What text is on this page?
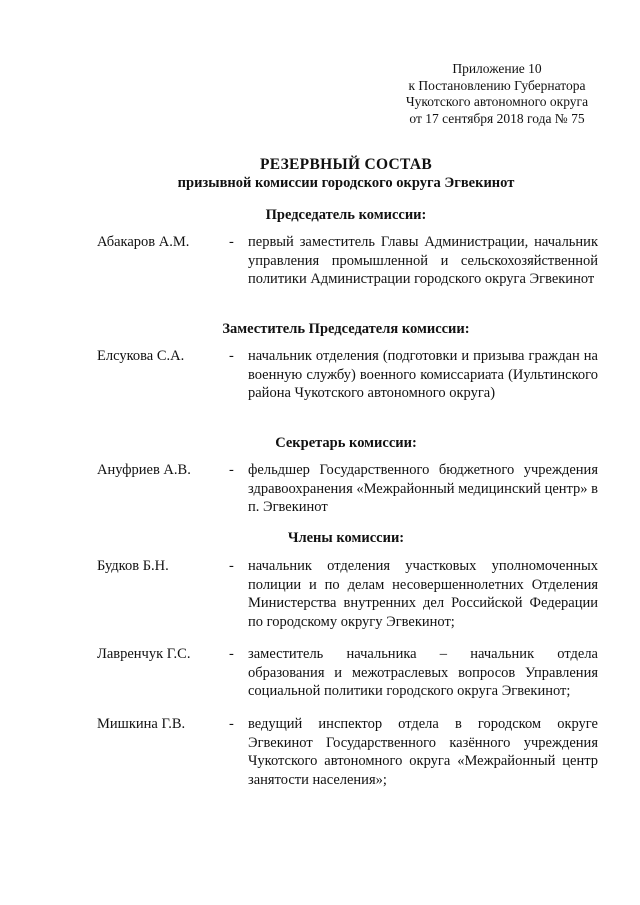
Приложение 10
к Постановлению Губернатора
Чукотского автономного округа
от 17 сентября 2018 года № 75
РЕЗЕРВНЫЙ СОСТАВ
призывной комиссии городского округа Эгвекинот
Председатель комиссии:
Абакаров А.М.	- первый заместитель Главы Администрации, начальник управления промышленной и сельскохозяйственной политики Администрации городского округа Эгвекинот
Заместитель Председателя комиссии:
Елсукова С.А.	- начальник отделения (подготовки и призыва граждан на военную службу) военного комиссариата (Иультинского района Чукотского автономного округа)
Секретарь комиссии:
Ануфриев А.В.	- фельдшер Государственного бюджетного учреждения здравоохранения «Межрайонный медицинский центр» в п. Эгвекинот
Члены комиссии:
Будков Б.Н.	- начальник отделения участковых уполномоченных полиции и по делам несовершеннолетних Отделения Министерства внутренних дел Российской Федерации по городскому округу Эгвекинот;
Лавренчук Г.С.	- заместитель начальника – начальник отдела образования и межотраслевых вопросов Управления социальной политики городского округа Эгвекинот;
Мишкина Г.В.	- ведущий инспектор отдела в городском округе Эгвекинот Государственного казённого учреждения Чукотского автономного округа «Межрайонный центр занятости населения»;
